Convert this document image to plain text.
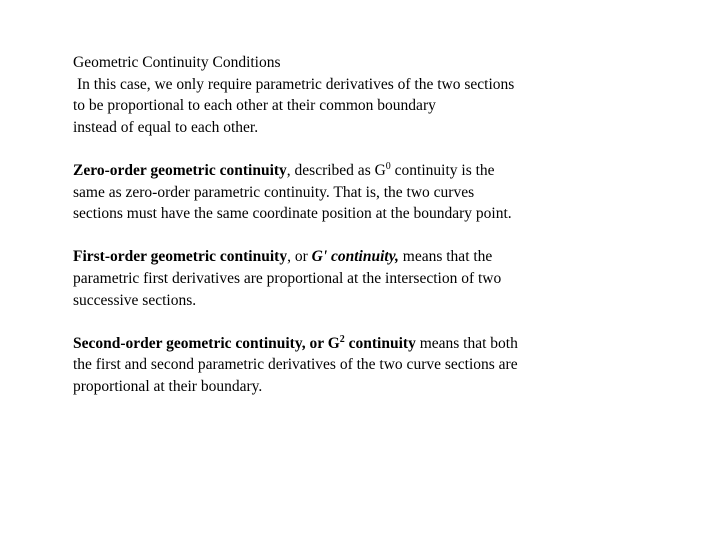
Geometric Continuity Conditions
In this case, we only require parametric derivatives of the two sections
to be proportional to each other at their common boundary
instead of equal to each other.
Zero-order geometric continuity, described as $G^0$ continuity is the
same as zero-order parametric continuity. That is, the two curves
sections must have the same coordinate position at the boundary point.
First-order geometric continuity, or G' continuity, means that the
parametric first derivatives are proportional at the intersection of two
successive sections.
Second-order geometric continuity, or $G^2$ continuity means that both
the first and second parametric derivatives of the two curve sections are
proportional at their boundary.
